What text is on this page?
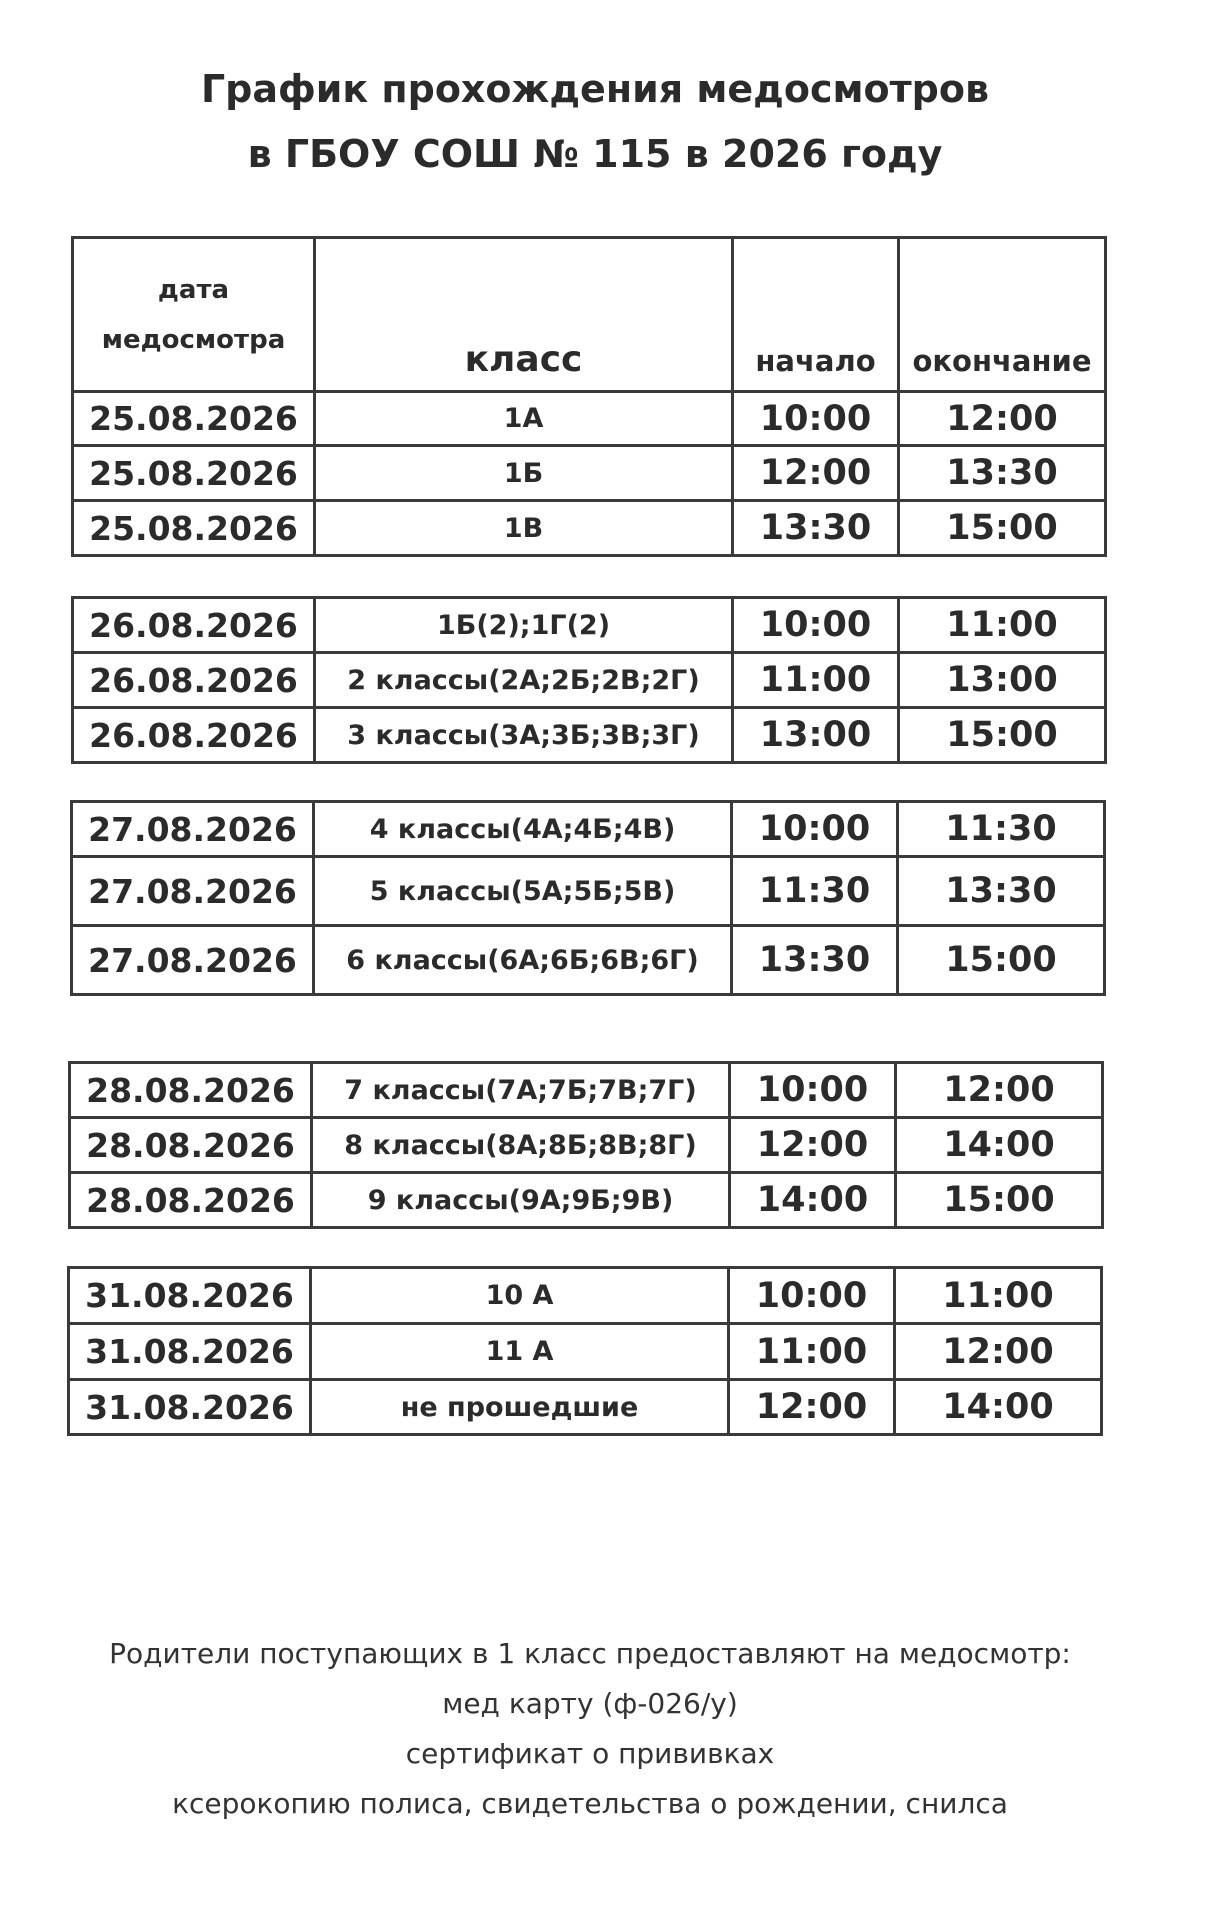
График прохождения медосмотров
в ГБОУ СОШ № 115 в 2026 году
дата
медосмотра	класс	начало	окончание
25.08.2026	1А	10:00	12:00
25.08.2026	1Б	12:00	13:30
25.08.2026	1В	13:30	15:00
26.08.2026	1Б(2);1Г(2)	10:00	11:00
26.08.2026	2 классы(2А;2Б;2В;2Г)	11:00	13:00
26.08.2026	3 классы(3А;3Б;3В;3Г)	13:00	15:00
27.08.2026	4 классы(4А;4Б;4В)	10:00	11:30
27.08.2026	5 классы(5А;5Б;5В)	11:30	13:30
27.08.2026	6 классы(6А;6Б;6В;6Г)	13:30	15:00
28.08.2026	7 классы(7А;7Б;7В;7Г)	10:00	12:00
28.08.2026	8 классы(8А;8Б;8В;8Г)	12:00	14:00
28.08.2026	9 классы(9А;9Б;9В)	14:00	15:00
31.08.2026	10 А	10:00	11:00
31.08.2026	11 А	11:00	12:00
31.08.2026	не прошедшие	12:00	14:00
Родители поступающих в 1 класс предоставляют на медосмотр:
мед карту (ф-026/у)
сертификат о прививках
ксерокопию полиса, свидетельства о рождении, снилса
